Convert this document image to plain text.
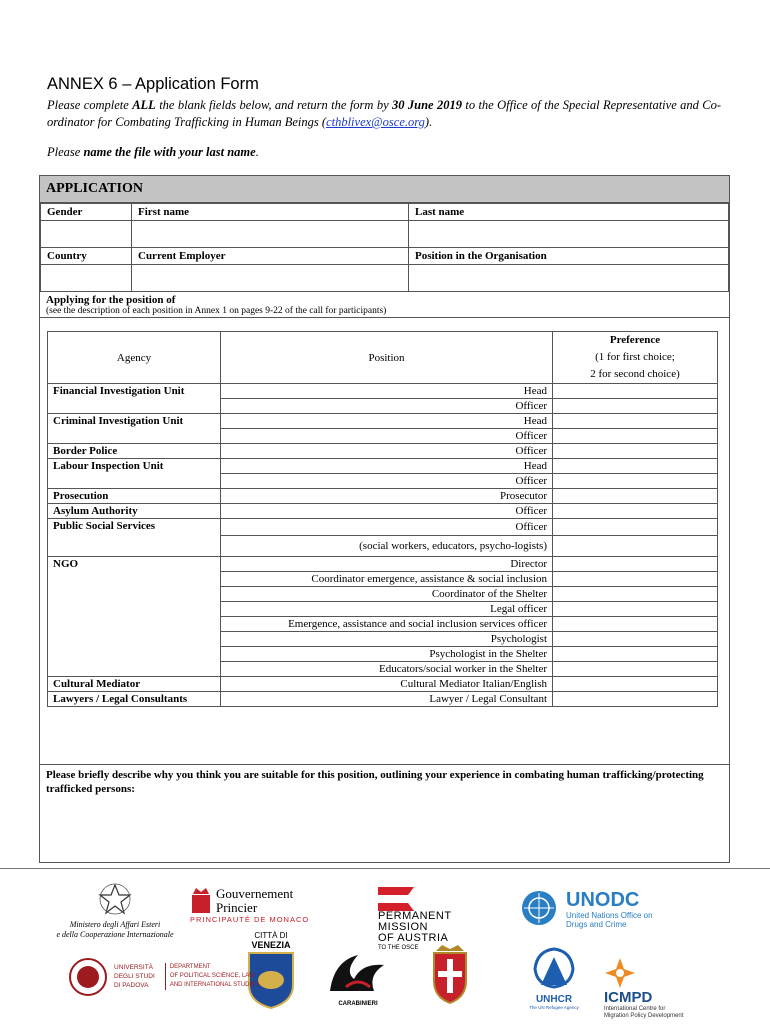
ANNEX 6 – Application Form
Please complete ALL the blank fields below, and return the form by 30 June 2019 to the Office of the Special Representative and Co-ordinator for Combating Trafficking in Human Beings (cthblivex@osce.org).
Please name the file with your last name.
APPLICATION
Gender	First name	Last name

Country	Current Employer	Position in the Organisation

Applying for the position of
(see the description of each position in Annex 1 on pages 9-22 of the call for participants)
Agency	Position	Preference
(1 for first choice;
2 for second choice)
Financial Investigation Unit	Head	
	Officer	
Criminal Investigation Unit	Head	
	Officer	
Border Police	Officer	
Labour Inspection Unit	Head	
	Officer	
Prosecution	Prosecutor	
Asylum Authority	Officer	
Public Social Services	Officer	
	(social workers, educators, psycho-logists)	
NGO	Director	
	Coordinator emergence, assistance & social inclusion	
	Coordinator of the Shelter	
	Legal officer	
	Emergence, assistance and social inclusion services officer	
	Psychologist	
	Psychologist in the Shelter	
	Educators/social worker in the Shelter	
Cultural Mediator	Cultural Mediator Italian/English	
Lawyers / Legal Consultants	Lawyer / Legal Consultant	
Please briefly describe why you think you are suitable for this position, outlining your experience in combating human trafficking/protecting trafficked persons:
Ministero degli Affari Esteri
e della Cooperazione Internazionale
Gouvernement Princier
PRINCIPAUTÉ DE MONACO	PERMANENT
MISSION
OF AUSTRIA
TO THE OSCE
UNODC
United Nations Office on Drugs and Crime
CITTÀ DI
VENEZIA
UNIVERSITÀ
DEGLI STUDI
DI PADOVA
DEPARTMENT
OF POLITICAL SCIENCE, LAW
AND INTERNATIONAL STUDIES
CARABINIERI	UNHCR
The UN Refugee Agency
ICMPD
International Centre for
Migration Policy Development
